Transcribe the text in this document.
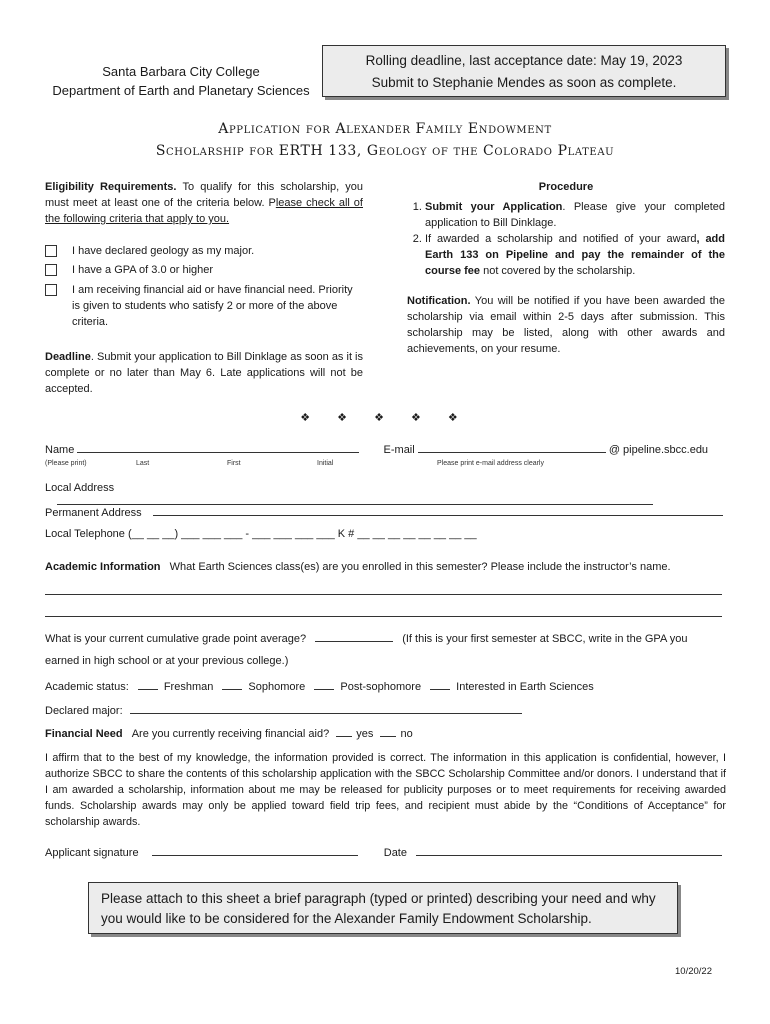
Santa Barbara City College
Department of Earth and Planetary Sciences
Rolling deadline, last acceptance date: May 19, 2023
Submit to Stephanie Mendes as soon as complete.
Application for Alexander Family Endowment
Scholarship for ERTH 133, Geology of the Colorado Plateau
Eligibility Requirements. To qualify for this scholarship, you must meet at least one of the criteria below. Please check all of the following criteria that apply to you.
I have declared geology as my major.
I have a GPA of 3.0 or higher
I am receiving financial aid or have financial need. Priority is given to students who satisfy 2 or more of the above criteria.
Deadline. Submit your application to Bill Dinklage as soon as it is complete or no later than May 6. Late applications will not be accepted.
Procedure
1. Submit your Application. Please give your completed application to Bill Dinklage.
2. If awarded a scholarship and notified of your award, add Earth 133 on Pipeline and pay the remainder of the course fee not covered by the scholarship.
Notification. You will be notified if you have been awarded the scholarship via email within 2-5 days after submission. This scholarship may be listed, along with other awards and achievements, on your resume.
❖ ❖ ❖ ❖ ❖
Name	E-mail	@ pipeline.sbcc.edu
(Please print)	Last	First	Initial	Please print e-mail address clearly
Local Address
Permanent Address
Local Telephone (__ __ __) ___ ___ ___ - ___ ___ ___ ___ K # __ __ __ __ __ __ __ __
Academic Information What Earth Sciences class(es) are you enrolled in this semester? Please include the instructor’s name.
What is your current cumulative grade point average?	(If this is your first semester at SBCC, write in the GPA you
earned in high school or at your previous college.)
Academic status:	Freshman	Sophomore	Post-sophomore	Interested in Earth Sciences
Declared major:
Financial Need Are you currently receiving financial aid? yes no
I affirm that to the best of my knowledge, the information provided is correct. The information in this application is confidential, however, I authorize SBCC to share the contents of this scholarship application with the SBCC Scholarship Committee and/or donors. I understand that if I am awarded a scholarship, information about me may be released for publicity purposes or to meet requirements for receiving awarded funds. Scholarship awards may only be applied toward field trip fees, and recipient must abide by the “Conditions of Acceptance” for scholarship awards.
Applicant signature	Date
Please attach to this sheet a brief paragraph (typed or printed) describing your need and why you would like to be considered for the Alexander Family Endowment Scholarship.
10/20/22
